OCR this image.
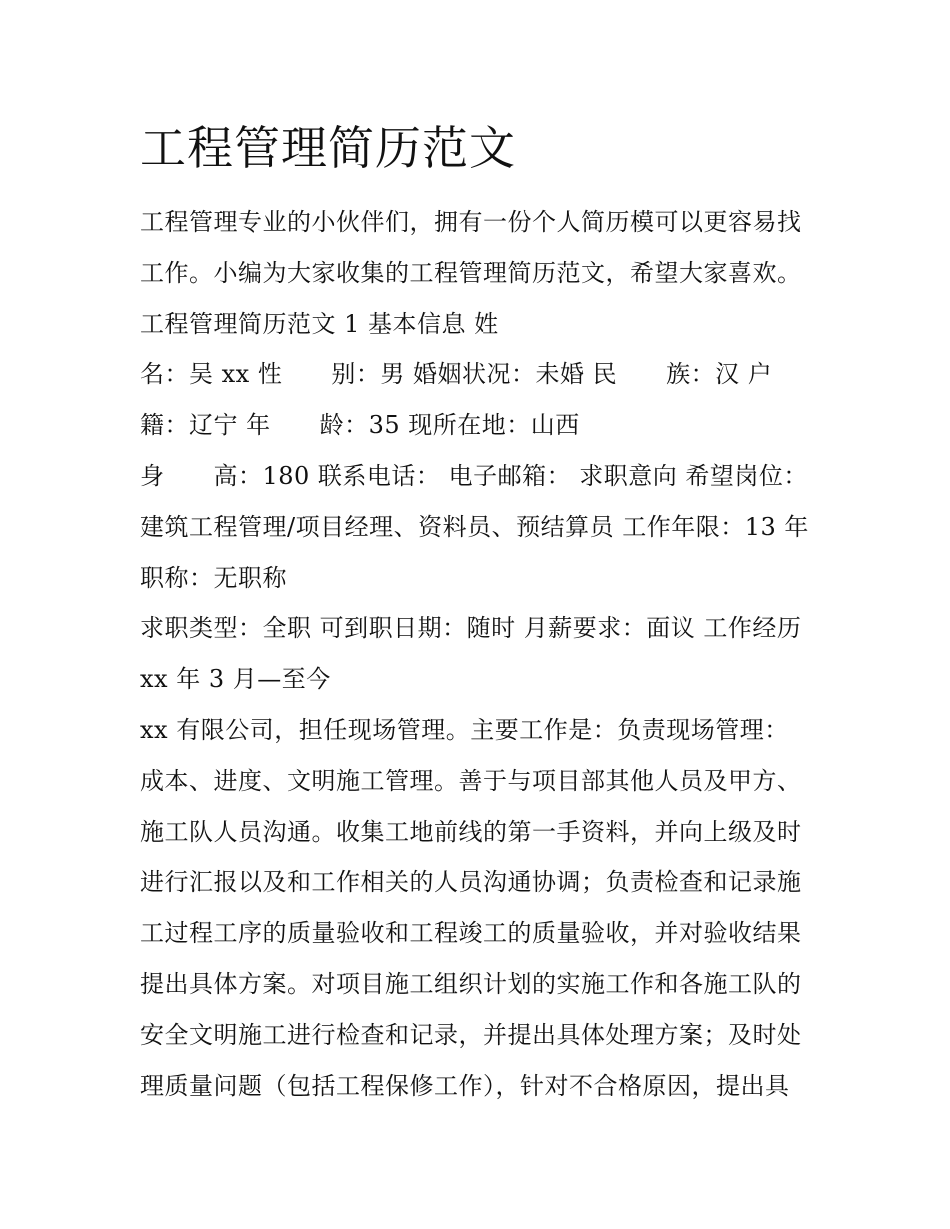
工程管理简历范文
工程管理专业的小伙伴们，拥有一份个人简历模可以更容易找
工作。小编为大家收集的工程管理简历范文，希望大家喜欢。
工程管理简历范文 1 基本信息 姓
名：吴 xx 性　　别：男 婚姻状况：未婚 民　　族：汉 户
籍：辽宁 年　　龄：35 现所在地：山西
身　　高：180 联系电话： 电子邮箱： 求职意向 希望岗位：
建筑工程管理/项目经理、资料员、预结算员 工作年限：13 年
职称：无职称
求职类型：全职 可到职日期：随时 月薪要求：面议 工作经历
xx 年 3 月—至今
xx 有限公司，担任现场管理。主要工作是：负责现场管理：
成本、进度、文明施工管理。善于与项目部其他人员及甲方、
施工队人员沟通。收集工地前线的第一手资料，并向上级及时
进行汇报以及和工作相关的人员沟通协调；负责检查和记录施
工过程工序的质量验收和工程竣工的质量验收，并对验收结果
提出具体方案。对项目施工组织计划的实施工作和各施工队的
安全文明施工进行检查和记录，并提出具体处理方案；及时处
理质量问题（包括工程保修工作），针对不合格原因，提出具
